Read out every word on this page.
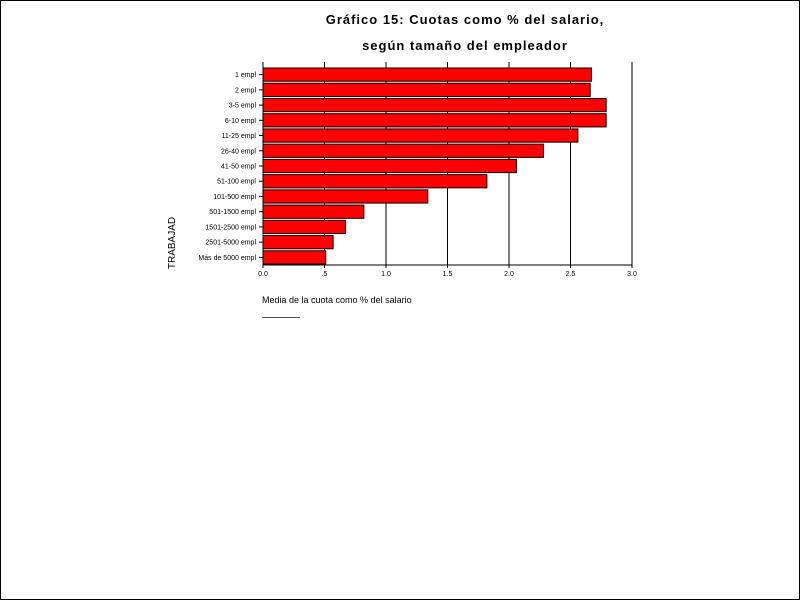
Gráfico 15: Cuotas como % del salario,
según tamaño del empleador
0.0	.5	1.0	1.5	2.0	2.5	3.0
1 empl
2 empl
3-5 empl
6-10 empl
11-25 empl
26-40 empl
41-50 empl
51-100 empl
101-500 empl
501-1500 empl
1501-2500 empl
2501-5000 empl
Más de 5000 empl
Media de la cuota como % del salario
TRABAJAD
